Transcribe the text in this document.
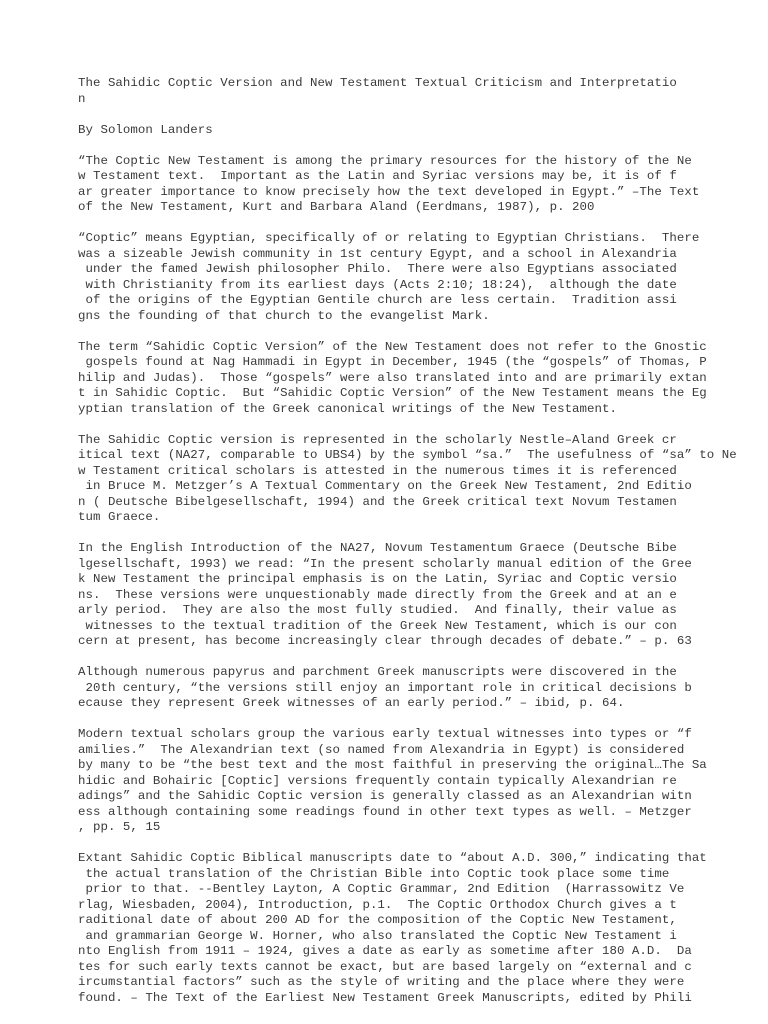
The Sahidic Coptic Version and New Testament Textual Criticism and Interpretatio
n
By Solomon Landers
“The Coptic New Testament is among the primary resources for the history of the Ne
w Testament text.  Important as the Latin and Syriac versions may be, it is of f
ar greater importance to know precisely how the text developed in Egypt.” –The Text
of the New Testament, Kurt and Barbara Aland (Eerdmans, 1987), p. 200
“Coptic” means Egyptian, specifically of or relating to Egyptian Christians.  There
was a sizeable Jewish community in 1st century Egypt, and a school in Alexandria
under the famed Jewish philosopher Philo.  There were also Egyptians associated
with Christianity from its earliest days (Acts 2:10; 18:24),  although the date
of the origins of the Egyptian Gentile church are less certain.  Tradition assi
gns the founding of that church to the evangelist Mark.
The term “Sahidic Coptic Version” of the New Testament does not refer to the Gnostic
gospels found at Nag Hammadi in Egypt in December, 1945 (the “gospels” of Thomas, P
hilip and Judas).  Those “gospels” were also translated into and are primarily extan
t in Sahidic Coptic.  But “Sahidic Coptic Version” of the New Testament means the Eg
yptian translation of the Greek canonical writings of the New Testament.
The Sahidic Coptic version is represented in the scholarly Nestle–Aland Greek cr
itical text (NA27, comparable to UBS4) by the symbol “sa.”  The usefulness of “sa” to Ne
w Testament critical scholars is attested in the numerous times it is referenced
in Bruce M. Metzger’s A Textual Commentary on the Greek New Testament, 2nd Editio
n ( Deutsche Bibelgesellschaft, 1994) and the Greek critical text Novum Testamen
tum Graece.
In the English Introduction of the NA27, Novum Testamentum Graece (Deutsche Bibe
lgesellschaft, 1993) we read: “In the present scholarly manual edition of the Gree
k New Testament the principal emphasis is on the Latin, Syriac and Coptic versio
ns.  These versions were unquestionably made directly from the Greek and at an e
arly period.  They are also the most fully studied.  And finally, their value as
witnesses to the textual tradition of the Greek New Testament, which is our con
cern at present, has become increasingly clear through decades of debate.” – p. 63
Although numerous papyrus and parchment Greek manuscripts were discovered in the
20th century, “the versions still enjoy an important role in critical decisions b
ecause they represent Greek witnesses of an early period.” – ibid, p. 64.
Modern textual scholars group the various early textual witnesses into types or “f
amilies.”  The Alexandrian text (so named from Alexandria in Egypt) is considered
by many to be “the best text and the most faithful in preserving the original…The Sa
hidic and Bohairic [Coptic] versions frequently contain typically Alexandrian re
adings” and the Sahidic Coptic version is generally classed as an Alexandrian witn
ess although containing some readings found in other text types as well. – Metzger
, pp. 5, 15
Extant Sahidic Coptic Biblical manuscripts date to “about A.D. 300,” indicating that
the actual translation of the Christian Bible into Coptic took place some time
prior to that. --Bentley Layton, A Coptic Grammar, 2nd Edition  (Harrassowitz Ve
rlag, Wiesbaden, 2004), Introduction, p.1.  The Coptic Orthodox Church gives a t
raditional date of about 200 AD for the composition of the Coptic New Testament,
and grammarian George W. Horner, who also translated the Coptic New Testament i
nto English from 1911 – 1924, gives a date as early as sometime after 180 A.D.  Da
tes for such early texts cannot be exact, but are based largely on “external and c
ircumstantial factors” such as the style of writing and the place where they were
found. – The Text of the Earliest New Testament Greek Manuscripts, edited by Phili
